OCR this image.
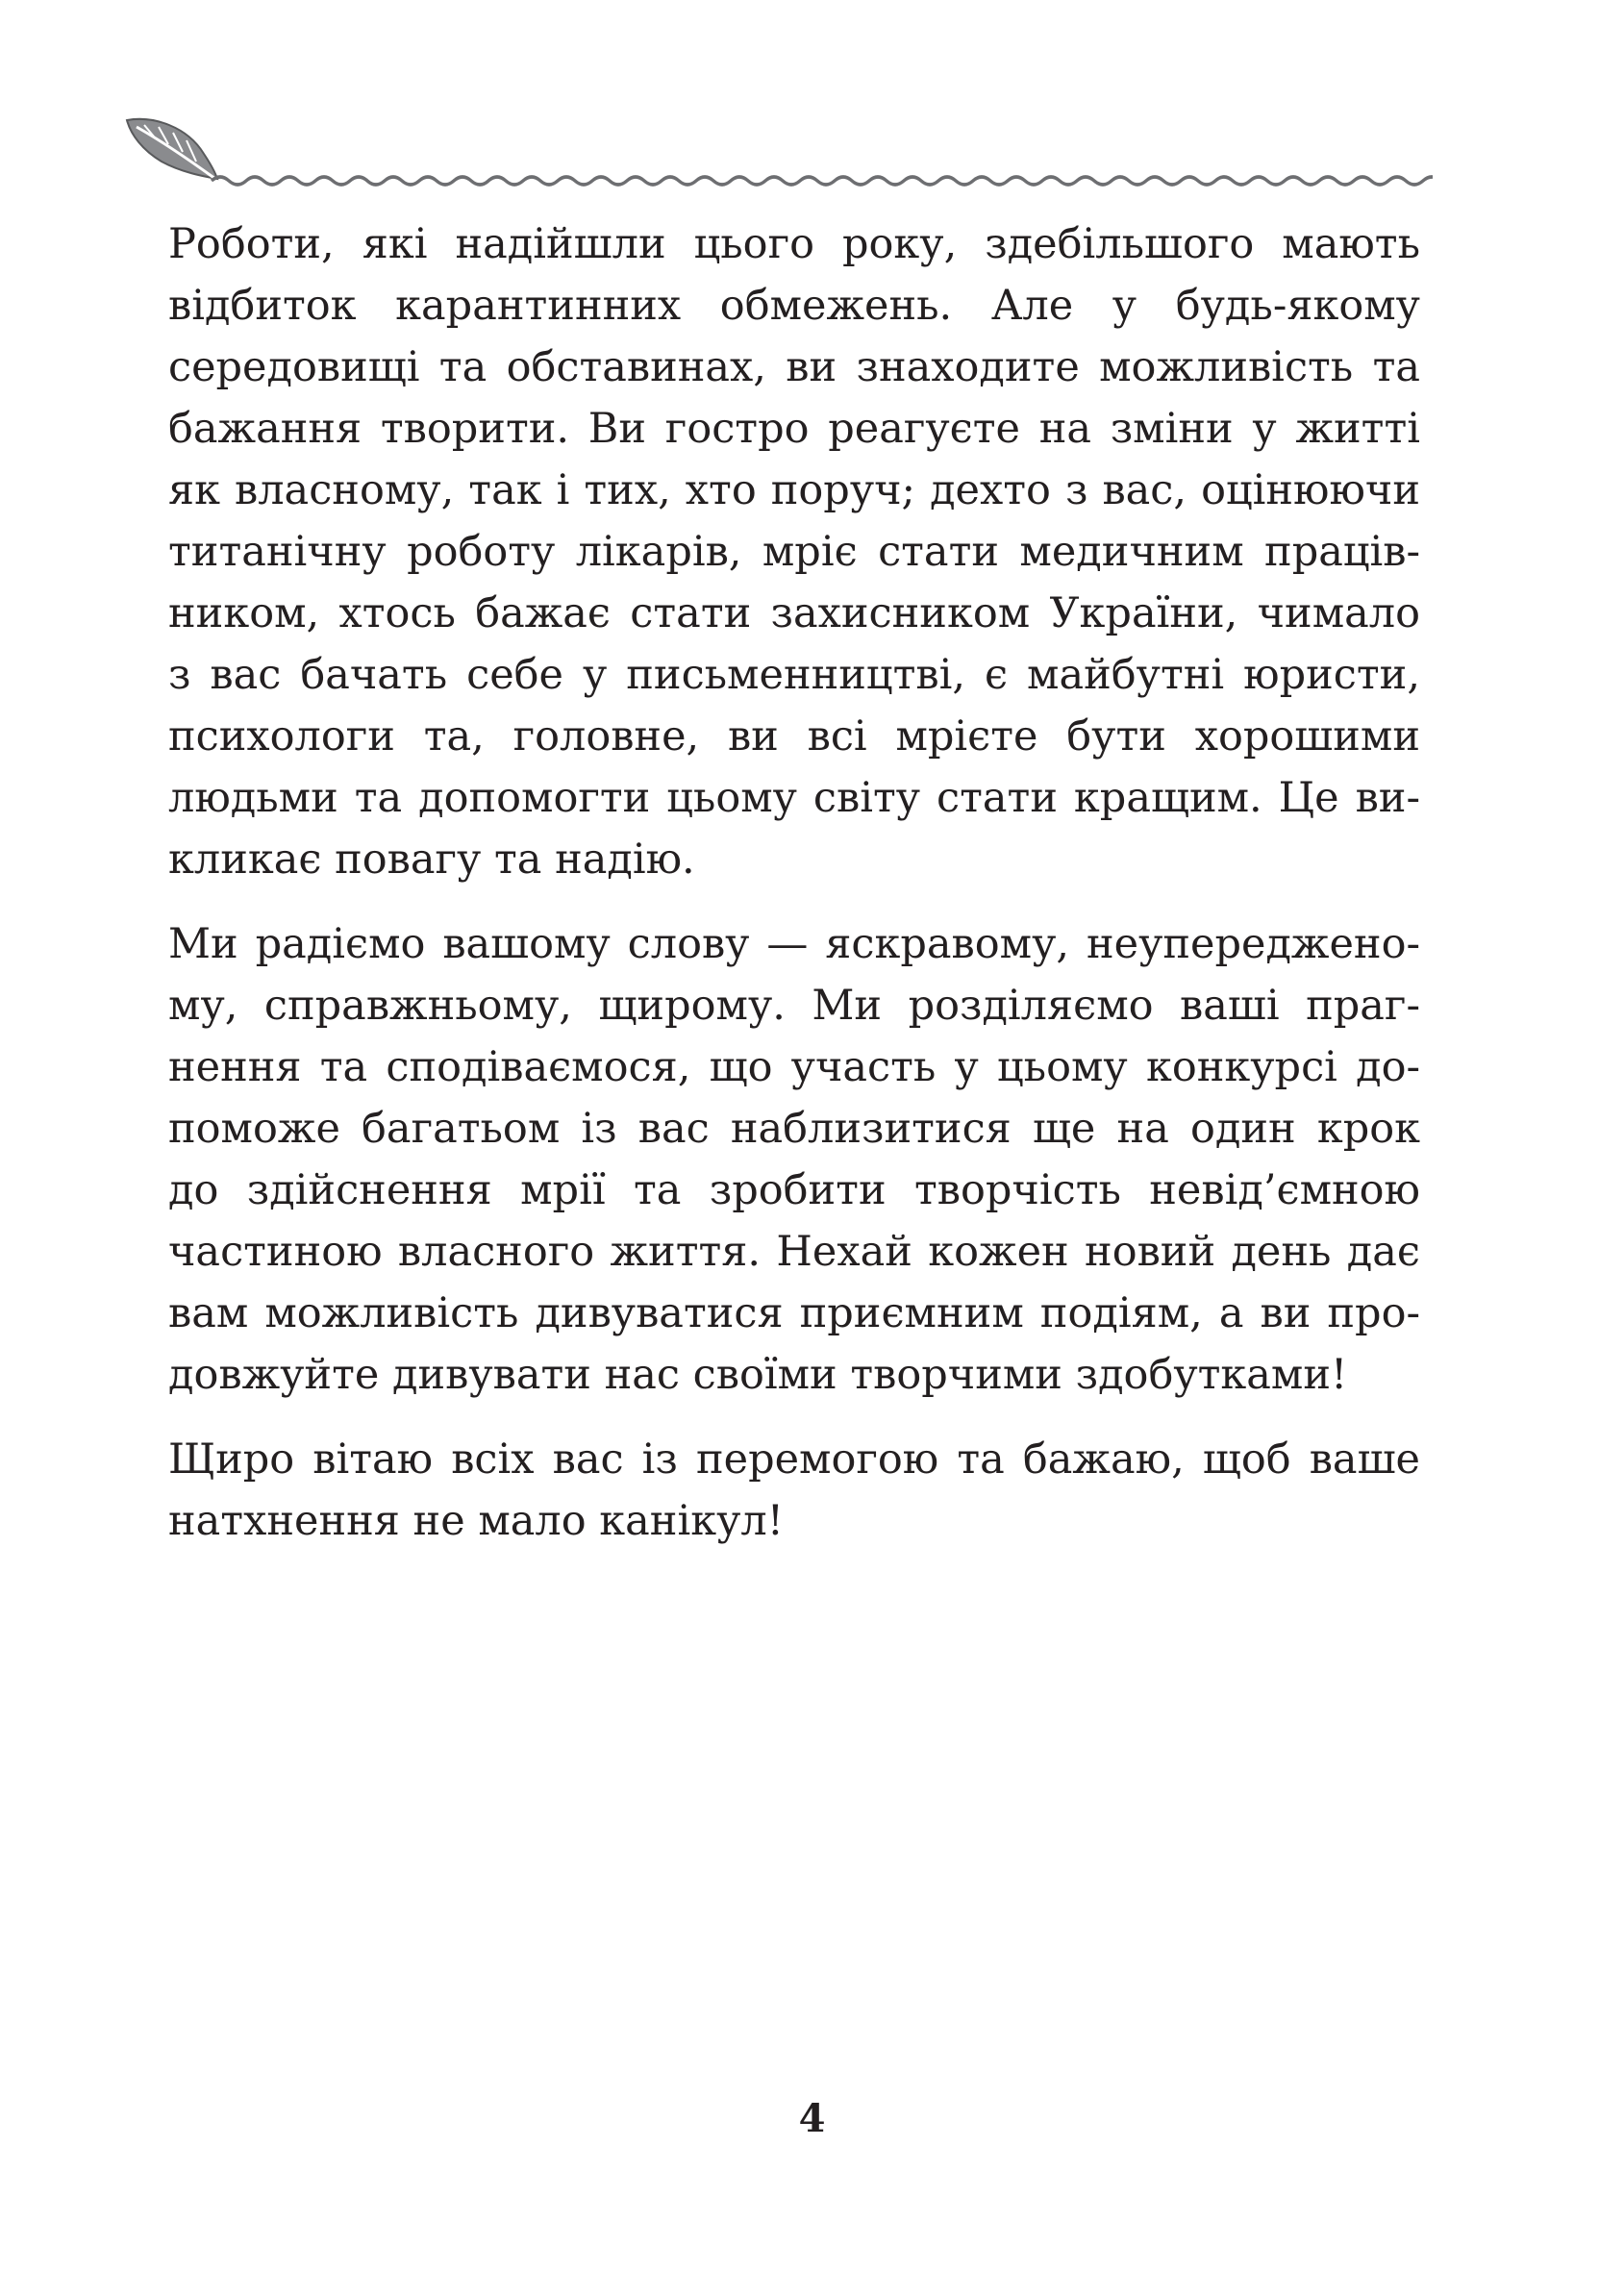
Роботи, які надійшли цього року, здебільшого мають
відбиток карантинних обмежень. Але у будь-якому
середовищі та обставинах, ви знаходите можливість та
бажання творити. Ви гостро реагуєте на зміни у житті
як власному, так і тих, хто поруч; дехто з вас, оцінюючи
титанічну роботу лікарів, мріє стати медичним праців-
ником, хтось бажає стати захисником України, чимало
з вас бачать себе у письменництві, є майбутні юристи,
психологи та, головне, ви всі мрієте бути хорошими
людьми та допомогти цьому світу стати кращим. Це ви-
кликає повагу та надію.
Ми радіємо вашому слову — яскравому, неупереджено-
му, справжньому, щирому. Ми розділяємо ваші праг-
нення та сподіваємося, що участь у цьому конкурсі до-
поможе багатьом із вас наблизитися ще на один крок
до здійснення мрії та зробити творчість невід’ємною
частиною власного життя. Нехай кожен новий день дає
вам можливість дивуватися приємним подіям, а ви про-
довжуйте дивувати нас своїми творчими здобутками!
Щиро вітаю всіх вас із перемогою та бажаю, щоб ваше
натхнення не мало канікул!
4
